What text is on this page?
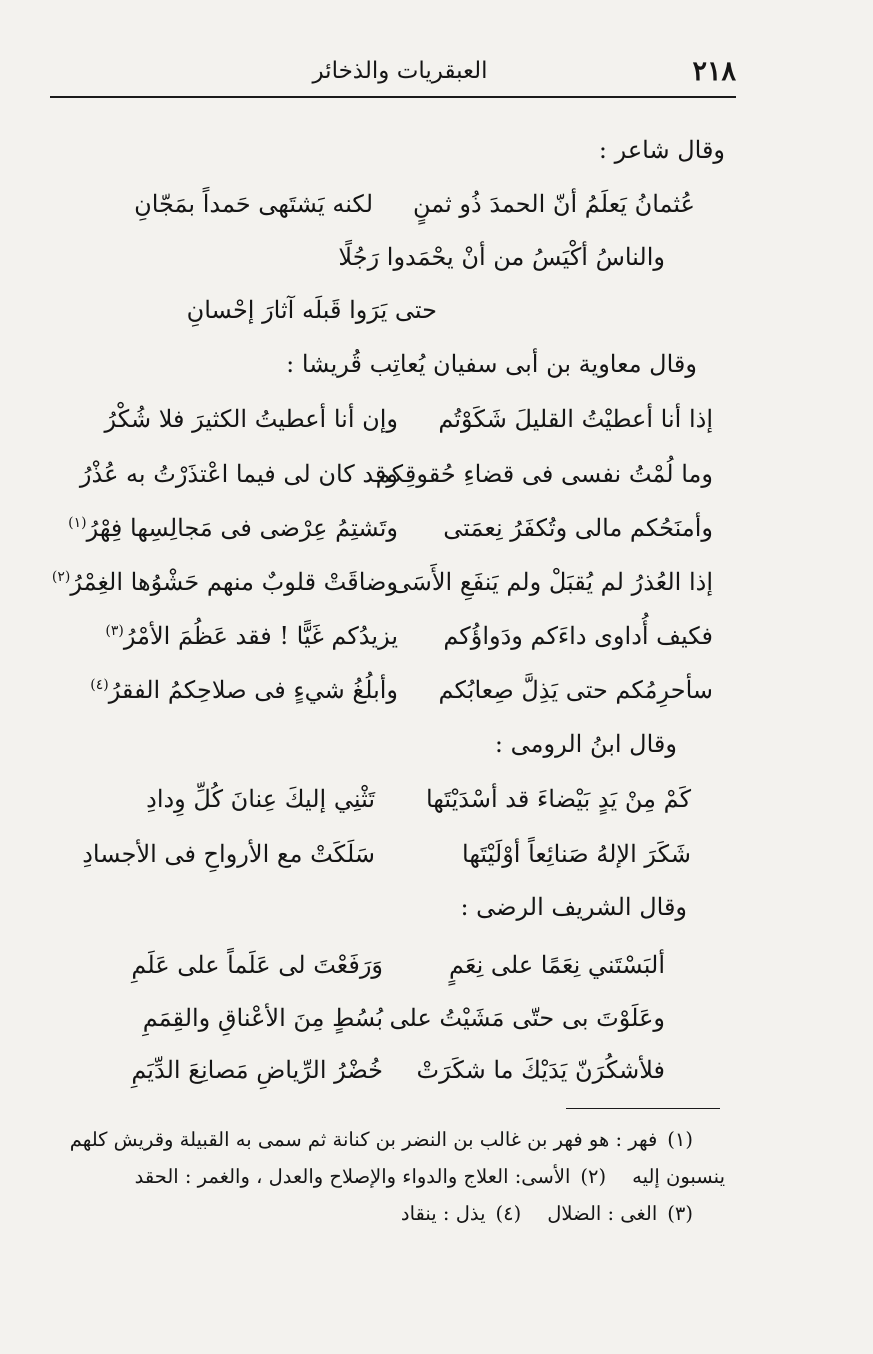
٢١٨
العبقريات والذخائر
وقال شاعر :
عُثمانُ يَعلَمُ أنّ الحمدَ ذُو ثمنٍ
لكنه يَشتَهى حَمداً بمَجّانِ
والناسُ أكْيَسُ من أنْ يحْمَدوا رَجُلًا
حتى يَرَوا قَبلَه آثارَ إحْسانِ
وقال معاوية بن أبى سفيان يُعاتِب قُريشا :
إذا أنا أعطيْتُ القليلَ شَكَوْتُم
وإن أنا أعطيتُ الكثيرَ فلا شُكْرُ
وما لُمْتُ نفسى فى قضاءِ حُقوقِكم
وقد كان لى فيما اعْتذَرْتُ به عُذْرُ
وأمنَحُكم مالى وتُكفَرُ نِعمَتى
وتَشتِمُ عِرْضى فى مَجالِسِها فِهْرُ$^{(١)}$
إذا العُذرُ لم يُقبَلْ ولم يَنفَعِ الأَسَى
وضاقَتْ قلوبٌ منهم حَشْوُها الغِمْرُ$^{(٢)}$
فكيف أُداوى داءَكم ودَواؤُكم
يزيدُكم غَيًّا ! فقد عَظُمَ الأمْرُ$^{(٣)}$
سأحرِمُكم حتى يَذِلَّ صِعابُكم
وأبلُغُ شيءٍ فى صلاحِكمُ الفقرُ$^{(٤)}$
وقال ابنُ الرومى :
كَمْ مِنْ يَدٍ بَيْضاءَ قد أسْدَيْتَها
تَثْنِي إليكَ عِنانَ كُلِّ وِدادِ
شَكَرَ الإلهُ صَنائِعاً أوْلَيْتَها
سَلَكَتْ مع الأرواحِ فى الأجسادِ
وقال الشريف الرضى :
ألبَسْتَني نِعَمًا على نِعَمٍ
وَرَفَعْتَ لى عَلَماً على عَلَمِ
وعَلَوْتَ بى حتّى مَشَيْتُ على
بُسُطٍ مِنَ الأعْناقِ والقِمَمِ
فلأشكُرَنّ يَدَيْكَ ما شكَرَتْ
خُضْرُ الرِّياضِ مَصانِعَ الدِّيَمِ
(١)فهر : هو فهر بن غالب بن النضر بن كنانة ثم سمى به القبيلة وقريش كلهم
ينسبون إليه(٢)الأسى: العلاج والدواء والإصلاح والعدل ، والغمر : الحقد
(٣)الغى : الضلال(٤)يذل : ينقاد
